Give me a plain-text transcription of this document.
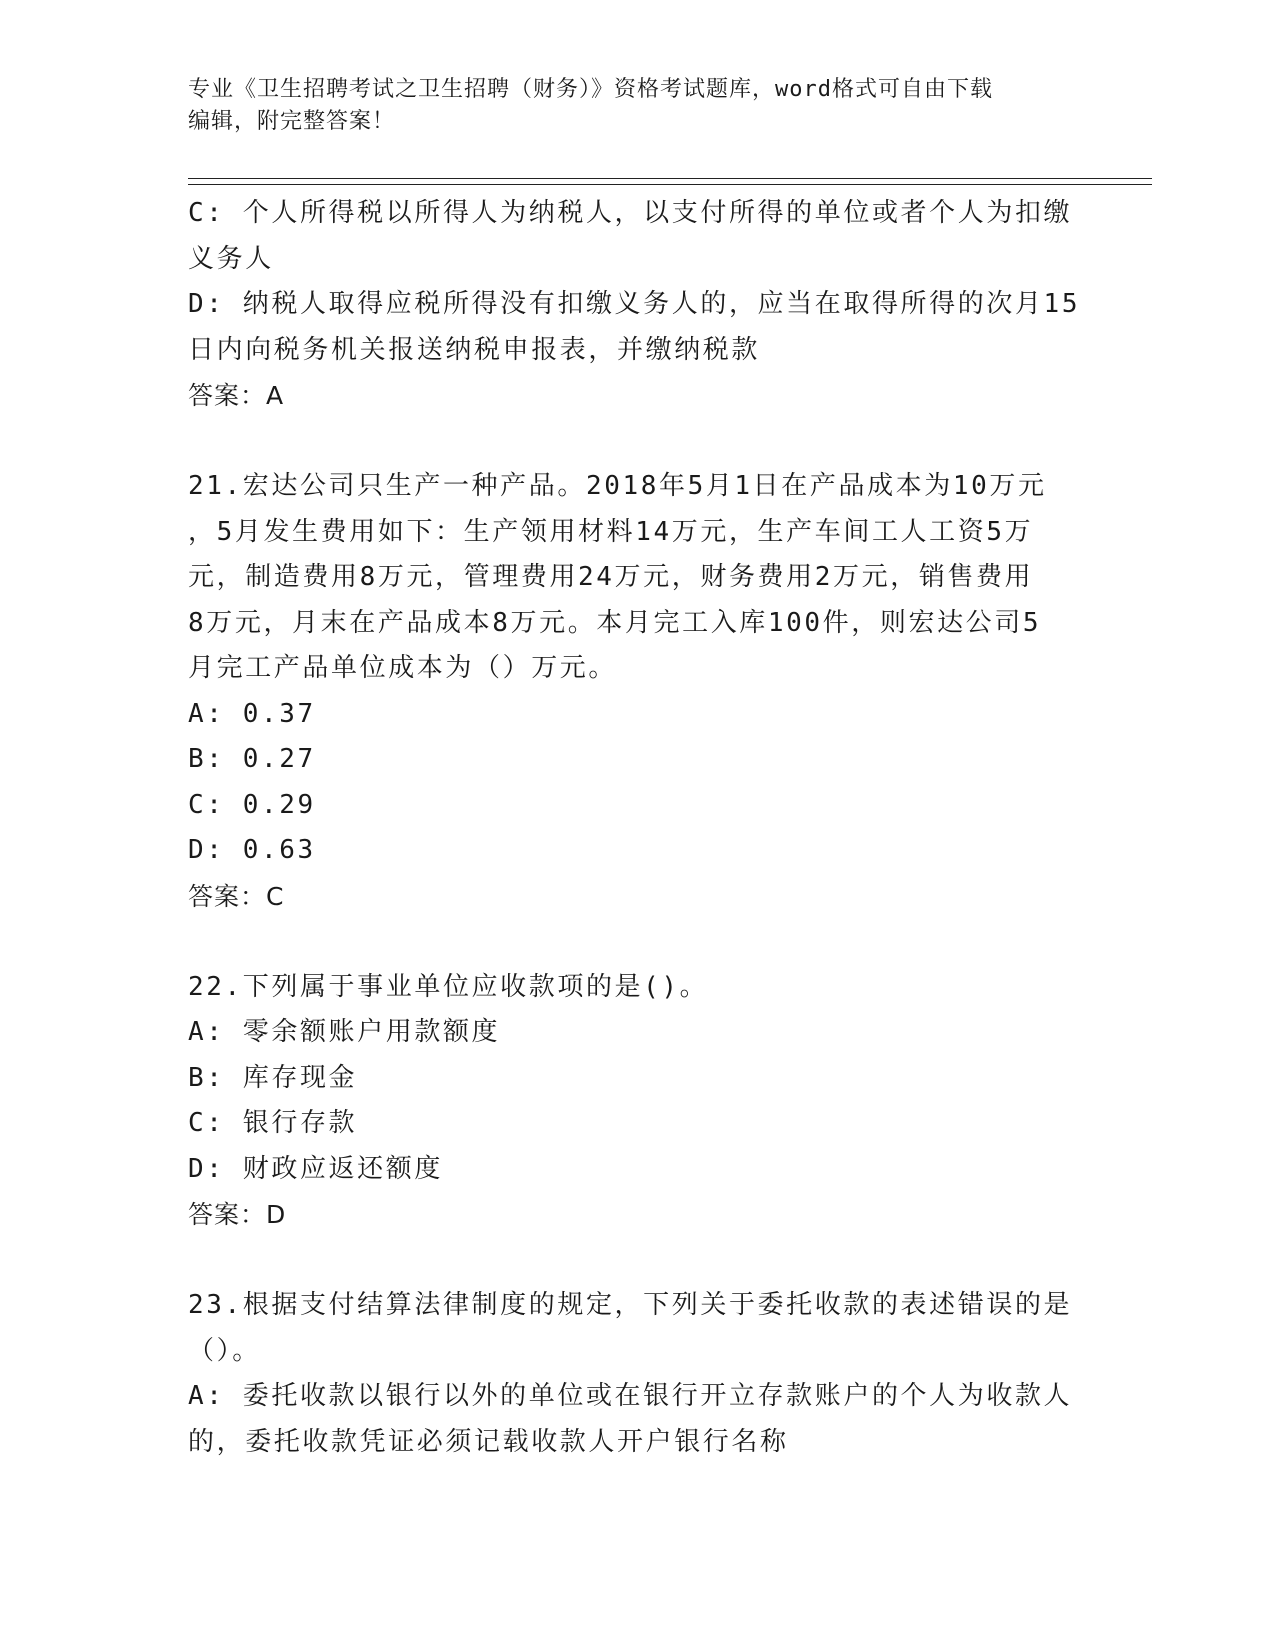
专业《卫生招聘考试之卫生招聘（财务）》资格考试题库，word格式可自由下载
编辑，附完整答案！
C: 个人所得税以所得人为纳税人，以支付所得的单位或者个人为扣缴
义务人
D: 纳税人取得应税所得没有扣缴义务人的，应当在取得所得的次月15
日内向税务机关报送纳税申报表，并缴纳税款
答案：A
21.宏达公司只生产一种产品。2018年5月1日在产品成本为10万元
，5月发生费用如下：生产领用材料14万元，生产车间工人工资5万
元，制造费用8万元，管理费用24万元，财务费用2万元，销售费用
8万元，月末在产品成本8万元。本月完工入库100件，则宏达公司5
月完工产品单位成本为（）万元。
A: 0.37
B: 0.27
C: 0.29
D: 0.63
答案：C
22.下列属于事业单位应收款项的是()。
A: 零余额账户用款额度
B: 库存现金
C: 银行存款
D: 财政应返还额度
答案：D
23.根据支付结算法律制度的规定，下列关于委托收款的表述错误的是
（）。
A: 委托收款以银行以外的单位或在银行开立存款账户的个人为收款人
的，委托收款凭证必须记载收款人开户银行名称
